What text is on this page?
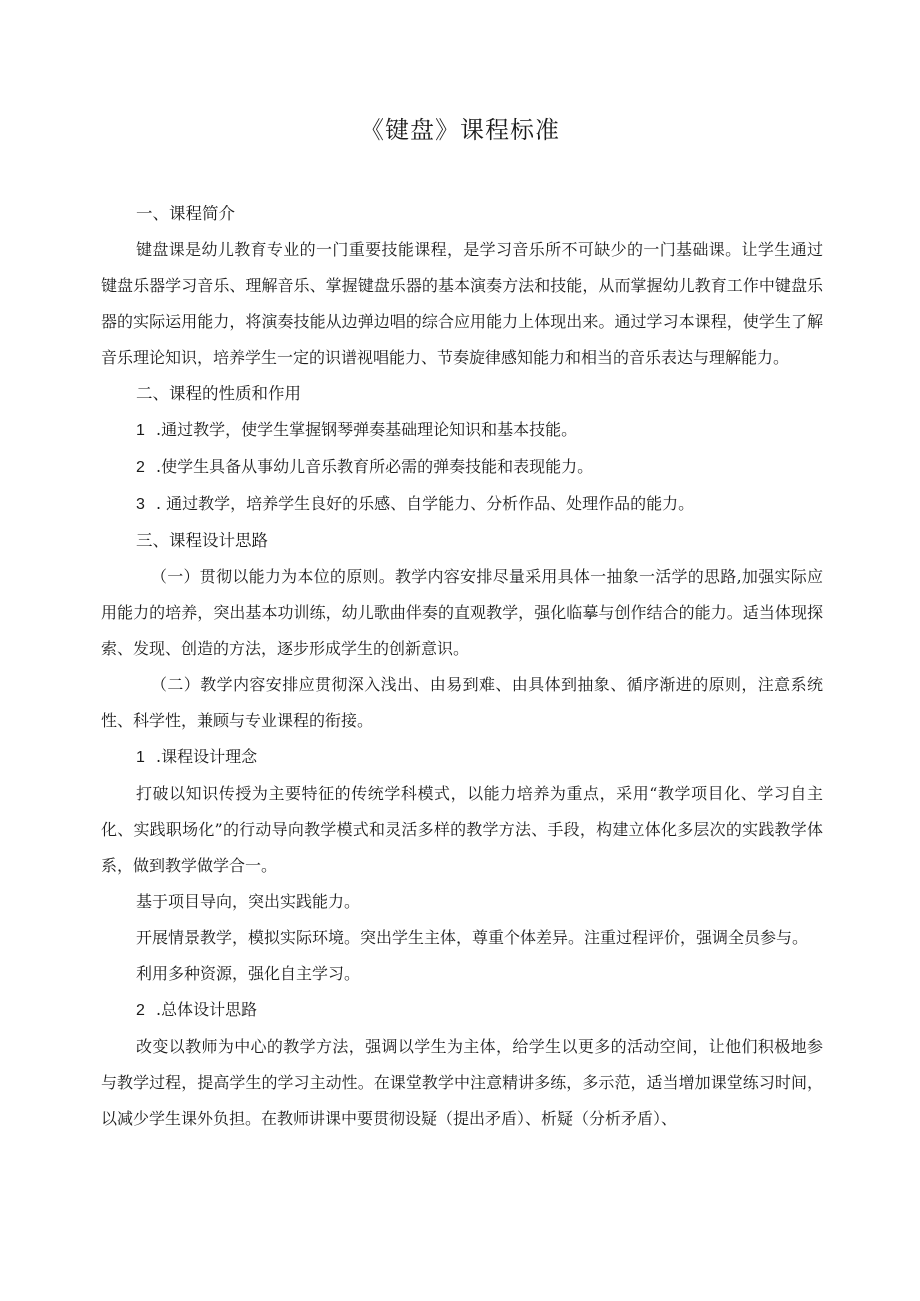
《键盘》课程标准

一、课程简介

键盘课是幼儿教育专业的一门重要技能课程，是学习音乐所不可缺少的一门基础课。让学生通过键盘乐器学习音乐、理解音乐、掌握键盘乐器的基本演奏方法和技能，从而掌握幼儿教育工作中键盘乐器的实际运用能力，将演奏技能从边弹边唱的综合应用能力上体现出来。通过学习本课程，使学生了解音乐理论知识，培养学生一定的识谱视唱能力、节奏旋律感知能力和相当的音乐表达与理解能力。

二、课程的性质和作用

1 .通过教学，使学生掌握钢琴弹奏基础理论知识和基本技能。

2 .使学生具备从事幼儿音乐教育所必需的弹奏技能和表现能力。

3 . 通过教学，培养学生良好的乐感、自学能力、分析作品、处理作品的能力。

三、课程设计思路

（一）贯彻以能力为本位的原则。教学内容安排尽量采用具体一抽象一活学的思路,加强实际应用能力的培养，突出基本功训练，幼儿歌曲伴奏的直观教学，强化临摹与创作结合的能力。适当体现探索、发现、创造的方法，逐步形成学生的创新意识。

（二）教学内容安排应贯彻深入浅出、由易到难、由具体到抽象、循序渐进的原则，注意系统性、科学性，兼顾与专业课程的衔接。

1 .课程设计理念

打破以知识传授为主要特征的传统学科模式，以能力培养为重点，采用“教学项目化、学习自主化、实践职场化”的行动导向教学模式和灵活多样的教学方法、手段，构建立体化多层次的实践教学体系，做到教学做学合一。

基于项目导向，突出实践能力。

开展情景教学，模拟实际环境。突出学生主体，尊重个体差异。注重过程评价，强调全员参与。

利用多种资源，强化自主学习。

2 .总体设计思路

改变以教师为中心的教学方法，强调以学生为主体，给学生以更多的活动空间，让他们积极地参与教学过程，提高学生的学习主动性。在课堂教学中注意精讲多练，多示范，适当增加课堂练习时间，以减少学生课外负担。在教师讲课中要贯彻设疑（提出矛盾）、析疑（分析矛盾）、
